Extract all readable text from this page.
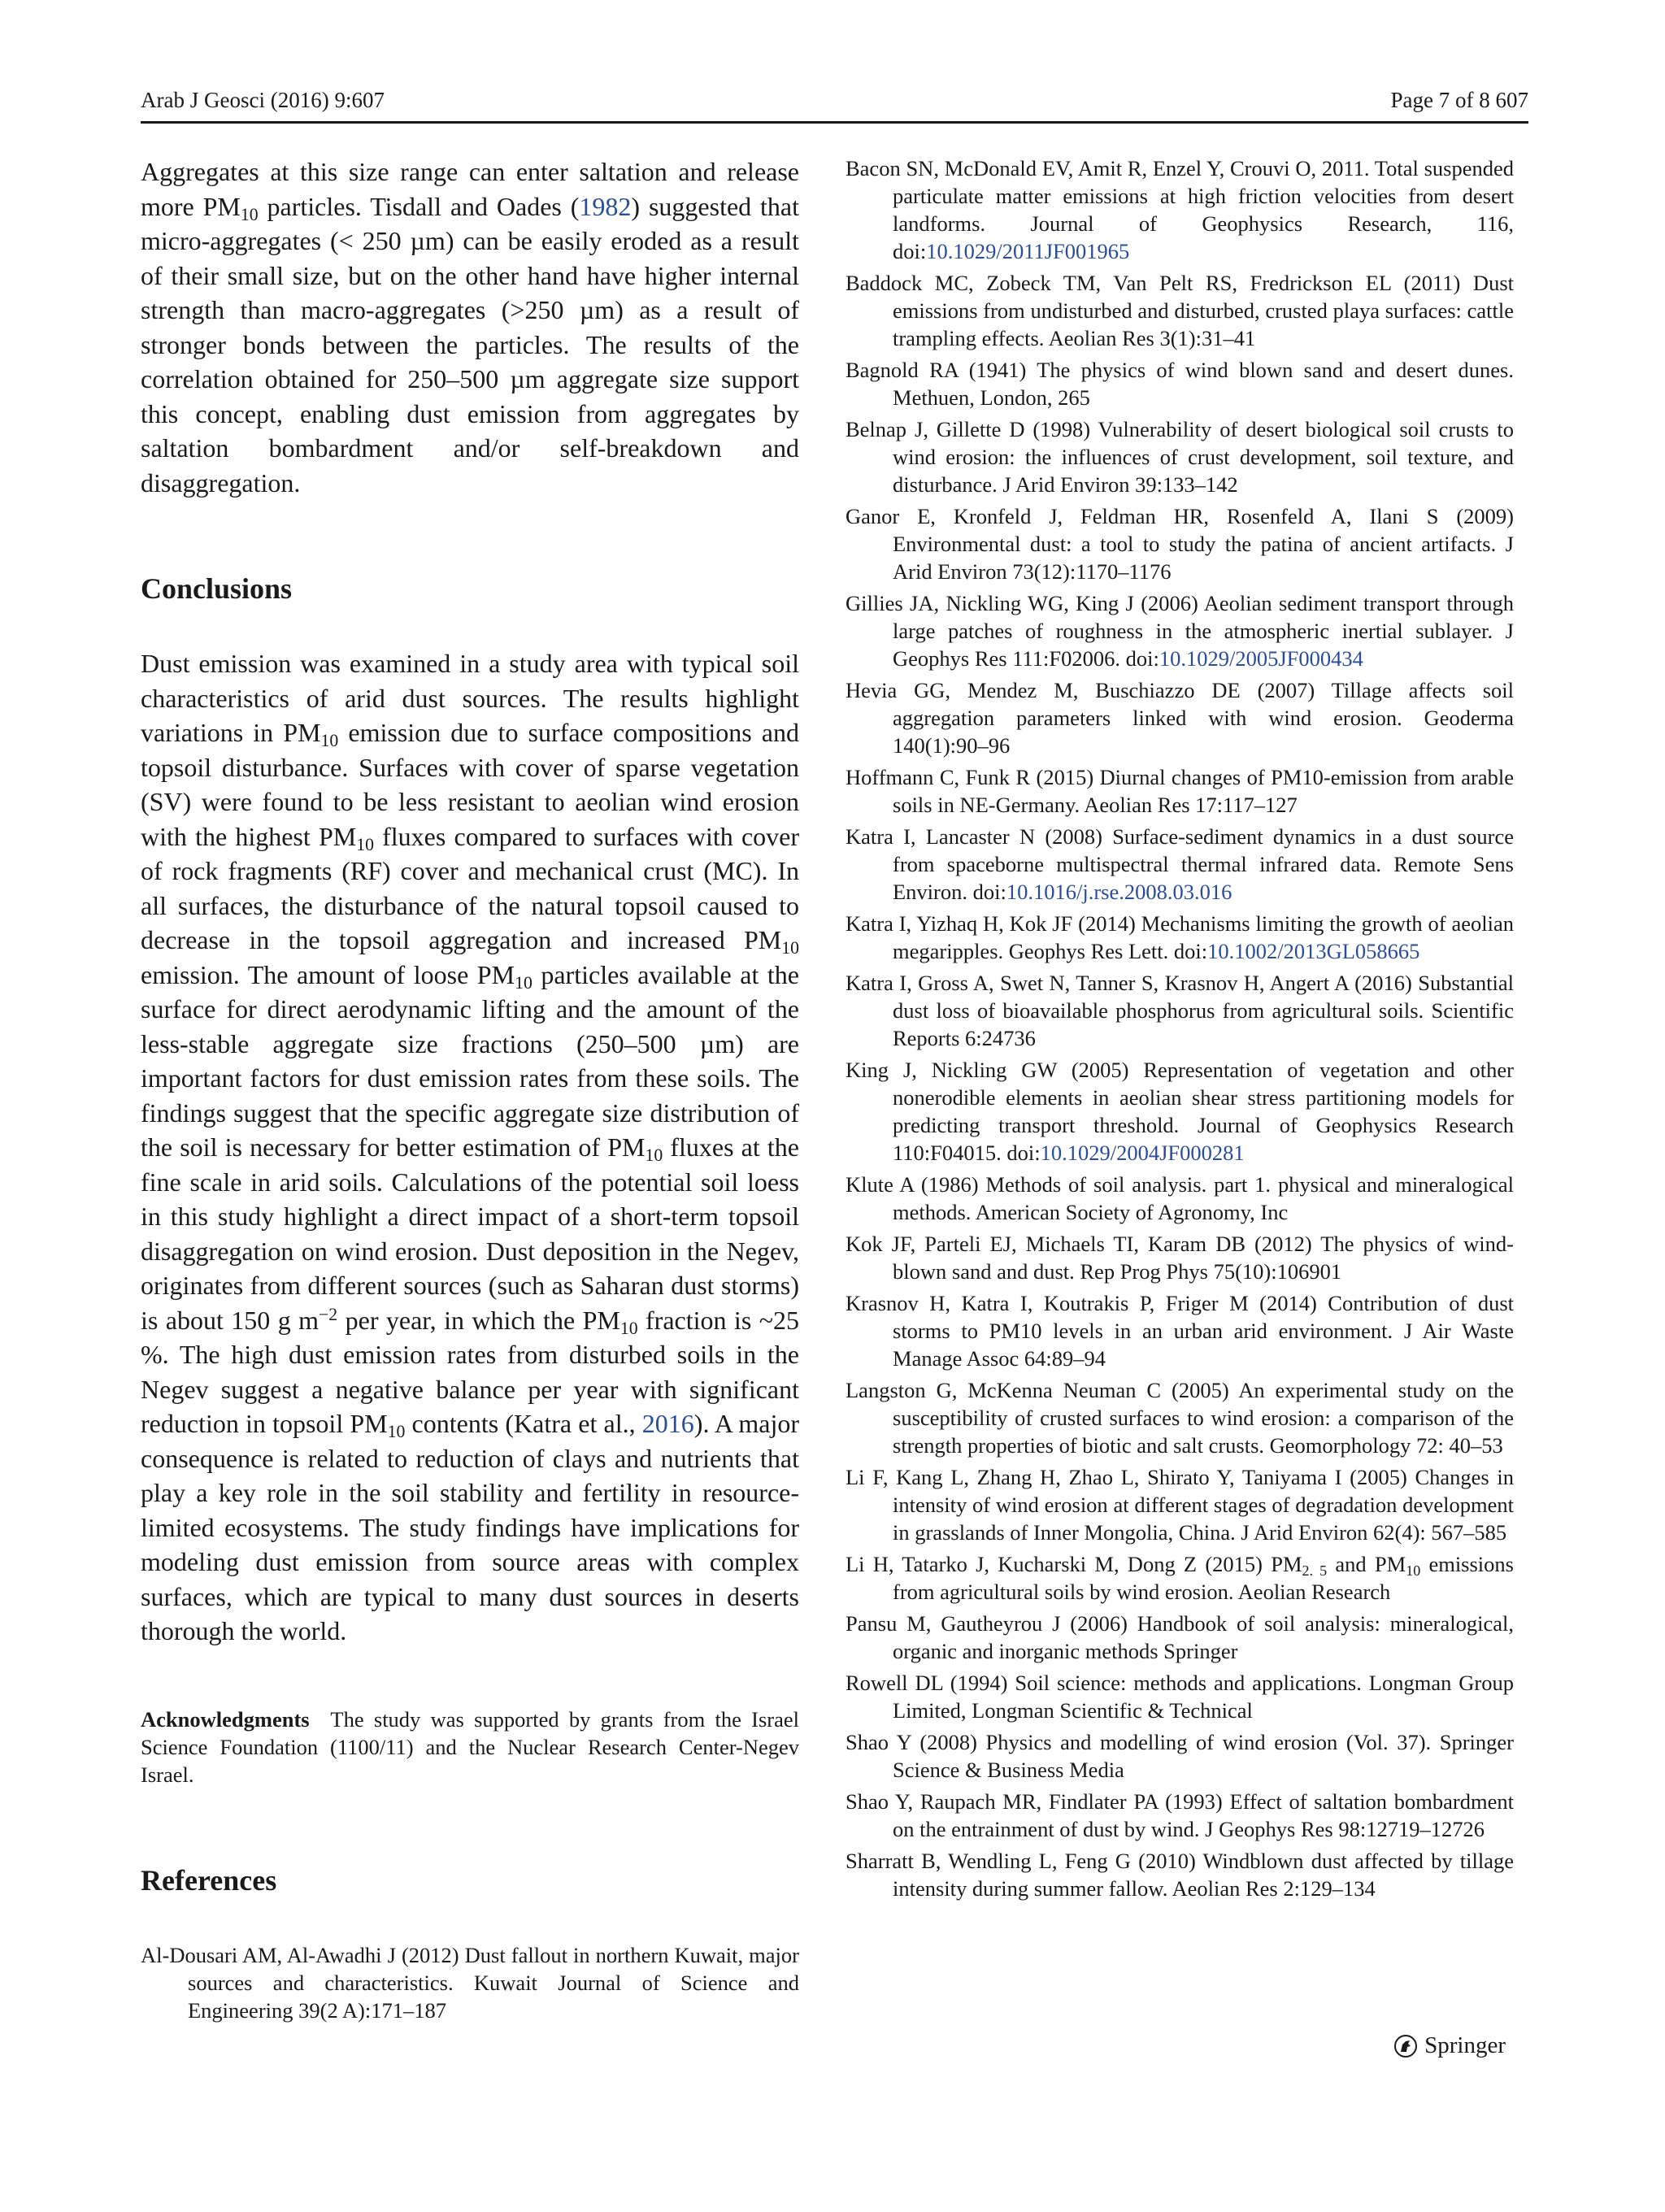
Arab J Geosci (2016) 9:607	Page 7 of 8 607

Aggregates at this size range can enter saltation and release more $PM_{10}$ particles. Tisdall and Oades (1982) suggested that micro-aggregates (< 250 µm) can be easily eroded as a result of their small size, but on the other hand have higher internal strength than macro-aggregates (>250 µm) as a result of stronger bonds between the particles. The results of the correlation obtained for 250–500 µm aggregate size support this concept, enabling dust emission from aggregates by saltation bombardment and/or self-breakdown and disaggregation.

Conclusions

Dust emission was examined in a study area with typical soil characteristics of arid dust sources. The results highlight variations in $PM_{10}$ emission due to surface compositions and topsoil disturbance. Surfaces with cover of sparse vegetation (SV) were found to be less resistant to aeolian wind erosion with the highest $PM_{10}$ fluxes compared to surfaces with cover of rock fragments (RF) cover and mechanical crust (MC). In all surfaces, the disturbance of the natural topsoil caused to decrease in the topsoil aggregation and increased $PM_{10}$ emission. The amount of loose $PM_{10}$ particles available at the surface for direct aerodynamic lifting and the amount of the less-stable aggregate size fractions (250–500 µm) are important factors for dust emission rates from these soils. The findings suggest that the specific aggregate size distribution of the soil is necessary for better estimation of $PM_{10}$ fluxes at the fine scale in arid soils. Calculations of the potential soil loess in this study highlight a direct impact of a short-term topsoil disaggregation on wind erosion. Dust deposition in the Negev, originates from different sources (such as Saharan dust storms) is about 150 g $m^{-2}$ per year, in which the $PM_{10}$ fraction is ~25 %. The high dust emission rates from disturbed soils in the Negev suggest a negative balance per year with significant reduction in topsoil $PM_{10}$ contents (Katra et al., 2016). A major consequence is related to reduction of clays and nutrients that play a key role in the soil stability and fertility in resource-limited ecosystems. The study findings have implications for modeling dust emission from source areas with complex surfaces, which are typical to many dust sources in deserts thorough the world.

Acknowledgments The study was supported by grants from the Israel Science Foundation (1100/11) and the Nuclear Research Center-Negev Israel.
References

Al-Dousari AM, Al-Awadhi J (2012) Dust fallout in northern Kuwait, major sources and characteristics. Kuwait Journal of Science and Engineering 39(2 A):171–187

Bacon SN, McDonald EV, Amit R, Enzel Y, Crouvi O, 2011. Total suspended particulate matter emissions at high friction velocities from desert landforms. Journal of Geophysics Research, 116, doi:10.1029/2011JF001965

Baddock MC, Zobeck TM, Van Pelt RS, Fredrickson EL (2011) Dust emissions from undisturbed and disturbed, crusted playa surfaces: cattle trampling effects. Aeolian Res 3(1):31–41

Bagnold RA (1941) The physics of wind blown sand and desert dunes. Methuen, London, 265

Belnap J, Gillette D (1998) Vulnerability of desert biological soil crusts to wind erosion: the influences of crust development, soil texture, and disturbance. J Arid Environ 39:133–142

Ganor E, Kronfeld J, Feldman HR, Rosenfeld A, Ilani S (2009) Environmental dust: a tool to study the patina of ancient artifacts. J Arid Environ 73(12):1170–1176

Gillies JA, Nickling WG, King J (2006) Aeolian sediment transport through large patches of roughness in the atmospheric inertial sublayer. J Geophys Res 111:F02006. doi:10.1029/2005JF000434

Hevia GG, Mendez M, Buschiazzo DE (2007) Tillage affects soil aggregation parameters linked with wind erosion. Geoderma 140(1):90–96

Hoffmann C, Funk R (2015) Diurnal changes of PM10-emission from arable soils in NE-Germany. Aeolian Res 17:117–127

Katra I, Lancaster N (2008) Surface-sediment dynamics in a dust source from spaceborne multispectral thermal infrared data. Remote Sens Environ. doi:10.1016/j.rse.2008.03.016

Katra I, Yizhaq H, Kok JF (2014) Mechanisms limiting the growth of aeolian megaripples. Geophys Res Lett. doi:10.1002/2013GL058665

Katra I, Gross A, Swet N, Tanner S, Krasnov H, Angert A (2016) Substantial dust loss of bioavailable phosphorus from agricultural soils. Scientific Reports 6:24736

King J, Nickling GW (2005) Representation of vegetation and other nonerodible elements in aeolian shear stress partitioning models for predicting transport threshold. Journal of Geophysics Research 110:F04015. doi:10.1029/2004JF000281

Klute A (1986) Methods of soil analysis. part 1. physical and mineralogical methods. American Society of Agronomy, Inc

Kok JF, Parteli EJ, Michaels TI, Karam DB (2012) The physics of wind-blown sand and dust. Rep Prog Phys 75(10):106901

Krasnov H, Katra I, Koutrakis P, Friger M (2014) Contribution of dust storms to PM10 levels in an urban arid environment. J Air Waste Manage Assoc 64:89–94

Langston G, McKenna Neuman C (2005) An experimental study on the susceptibility of crusted surfaces to wind erosion: a comparison of the strength properties of biotic and salt crusts. Geomorphology 72: 40–53

Li F, Kang L, Zhang H, Zhao L, Shirato Y, Taniyama I (2005) Changes in intensity of wind erosion at different stages of degradation development in grasslands of Inner Mongolia, China. J Arid Environ 62(4): 567–585

Li H, Tatarko J, Kucharski M, Dong Z (2015) $PM_{2. 5}$ and $PM_{10}$ emissions from agricultural soils by wind erosion. Aeolian Research

Pansu M, Gautheyrou J (2006) Handbook of soil analysis: mineralogical, organic and inorganic methods Springer

Rowell DL (1994) Soil science: methods and applications. Longman Group Limited, Longman Scientific & Technical

Shao Y (2008) Physics and modelling of wind erosion (Vol. 37). Springer Science & Business Media

Shao Y, Raupach MR, Findlater PA (1993) Effect of saltation bombardment on the entrainment of dust by wind. J Geophys Res 98:12719–12726

Sharratt B, Wendling L, Feng G (2010) Windblown dust affected by tillage intensity during summer fallow. Aeolian Res 2:129–134

Springer
